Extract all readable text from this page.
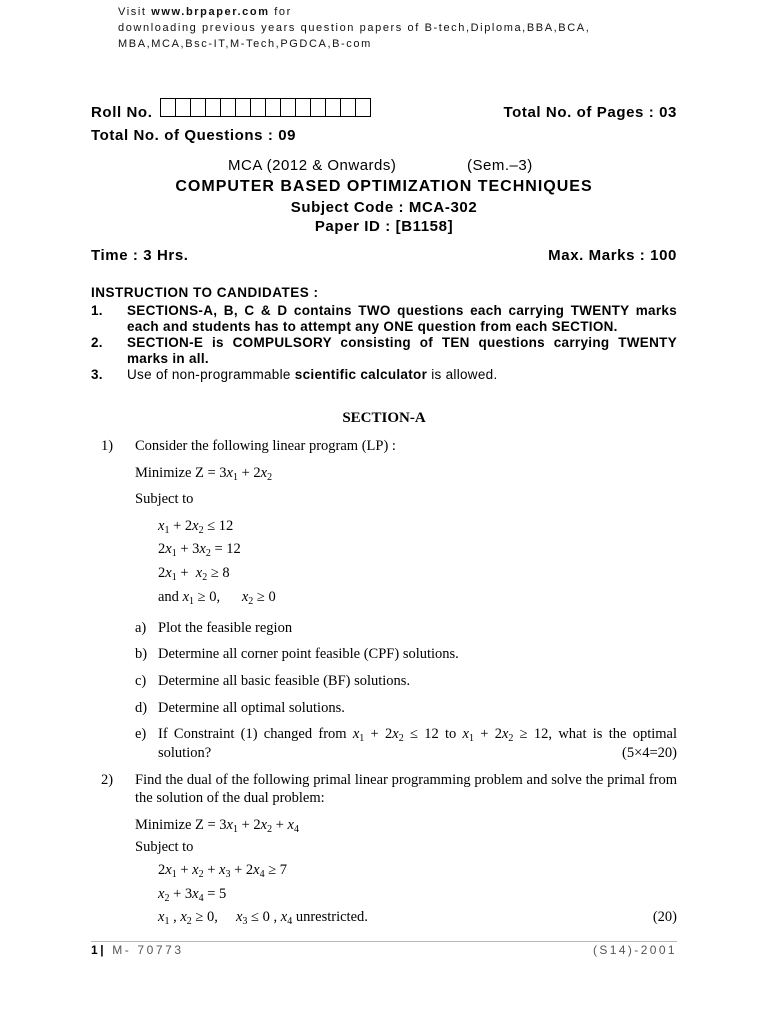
Visit www.brpaper.com for
downloading previous years question papers of B-tech,Diploma,BBA,BCA,
MBA,MCA,Bsc-IT,M-Tech,PGDCA,B-com
Roll No.	Total No. of Pages : 03
Total No. of Questions : 09
MCA (2012 & Onwards)	(Sem.–3)
COMPUTER BASED OPTIMIZATION TECHNIQUES
Subject Code : MCA-302
Paper ID : [B1158]
Time : 3 Hrs.	Max. Marks : 100
INSTRUCTION TO CANDIDATES :
1.	SECTIONS-A, B, C & D contains TWO questions each carrying TWENTY marks each and students has to attempt any ONE question from each SECTION.
2.	SECTION-E is COMPULSORY consisting of TEN questions carrying TWENTY marks in all.
3.	Use of non-programmable scientific calculator is allowed.
SECTION-A
1) Consider the following linear program (LP) :
Minimize $Z = 3x_1 + 2x_2$
Subject to
$x_1 + 2x_2 \le 12$
$2x_1 + 3x_2 = 12$
$2x_1 + x_2 \ge 8$
and $x_1 \ge 0$,      $x_2 \ge 0$
a) Plot the feasible region
b) Determine all corner point feasible (CPF) solutions.
c) Determine all basic feasible (BF) solutions.
d) Determine all optimal solutions.
e) If Constraint (1) changed from $x_1 + 2x_2 \le 12$ to $x_1 + 2x_2 \ge 12$, what is the optimal
solution?	(5×4=20)
2) Find the dual of the following primal linear programming problem and solve the primal from the solution of the dual problem:
Minimize $Z = 3x_1 + 2x_2 + x_4$
Subject to
$2x_1 + x_2 + x_3 + 2x_4 \ge 7$
$x_2 + 3x_4 = 5$
$x_1$ , $x_2 \ge 0$,     $x_3 \le 0$ , $x_4$ unrestricted.	(20)
1| M- 70773	(S14)-2001
